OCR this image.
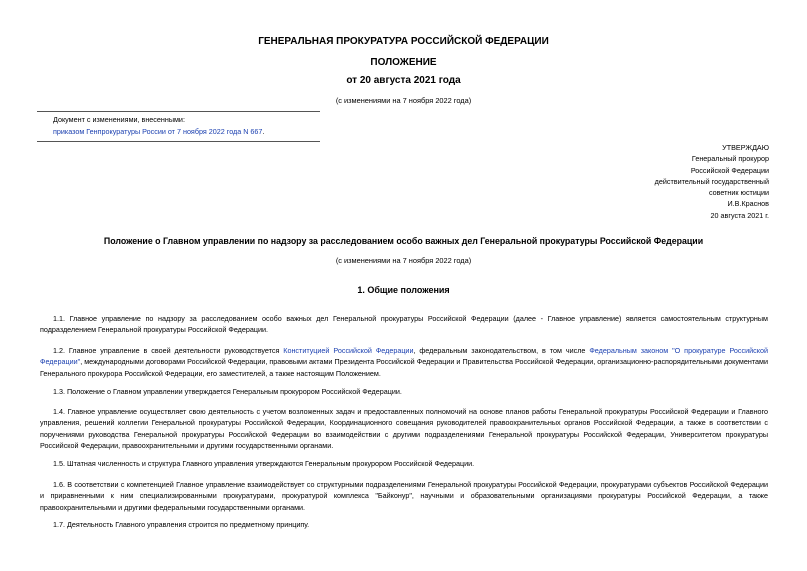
ГЕНЕРАЛЬНАЯ ПРОКУРАТУРА РОССИЙСКОЙ ФЕДЕРАЦИИ
ПОЛОЖЕНИЕ
от 20 августа 2021 года
(с изменениями на 7 ноября 2022 года)
Документ с изменениями, внесенными:
приказом Генпрокуратуры России от 7 ноября 2022 года N 667.
УТВЕРЖДАЮ
Генеральный прокурор
Российской Федерации
действительный государственный
советник юстиции
И.В.Краснов
20 августа 2021 г.
Положение о Главном управлении по надзору за расследованием особо важных дел Генеральной прокуратуры Российской Федерации
(с изменениями на 7 ноября 2022 года)
1. Общие положения
1.1. Главное управление по надзору за расследованием особо важных дел Генеральной прокуратуры Российской Федерации (далее - Главное управление) является самостоятельным структурным подразделением Генеральной прокуратуры Российской Федерации.
1.2. Главное управление в своей деятельности руководствуется Конституцией Российской Федерации, федеральным законодательством, в том числе Федеральным законом "О прокуратуре Российской Федерации", международными договорами Российской Федерации, правовыми актами Президента Российской Федерации и Правительства Российской Федерации, организационно-распорядительными документами Генерального прокурора Российской Федерации, его заместителей, а также настоящим Положением.
1.3. Положение о Главном управлении утверждается Генеральным прокурором Российской Федерации.
1.4. Главное управление осуществляет свою деятельность с учетом возложенных задач и предоставленных полномочий на основе планов работы Генеральной прокуратуры Российской Федерации и Главного управления, решений коллегии Генеральной прокуратуры Российской Федерации, Координационного совещания руководителей правоохранительных органов Российской Федерации, а также в соответствии с поручениями руководства Генеральной прокуратуры Российской Федерации во взаимодействии с другими подразделениями Генеральной прокуратуры Российской Федерации, Университетом прокуратуры Российской Федерации, правоохранительными и другими государственными органами.
1.5. Штатная численность и структура Главного управления утверждаются Генеральным прокурором Российской Федерации.
1.6. В соответствии с компетенцией Главное управление взаимодействует со структурными подразделениями Генеральной прокуратуры Российской Федерации, прокуратурами субъектов Российской Федерации и приравненными к ним специализированными прокуратурами, прокуратурой комплекса "Байконур", научными и образовательными организациями прокуратуры Российской Федерации, а также правоохранительными и другими федеральными государственными органами.
1.7. Деятельность Главного управления строится по предметному принципу.
